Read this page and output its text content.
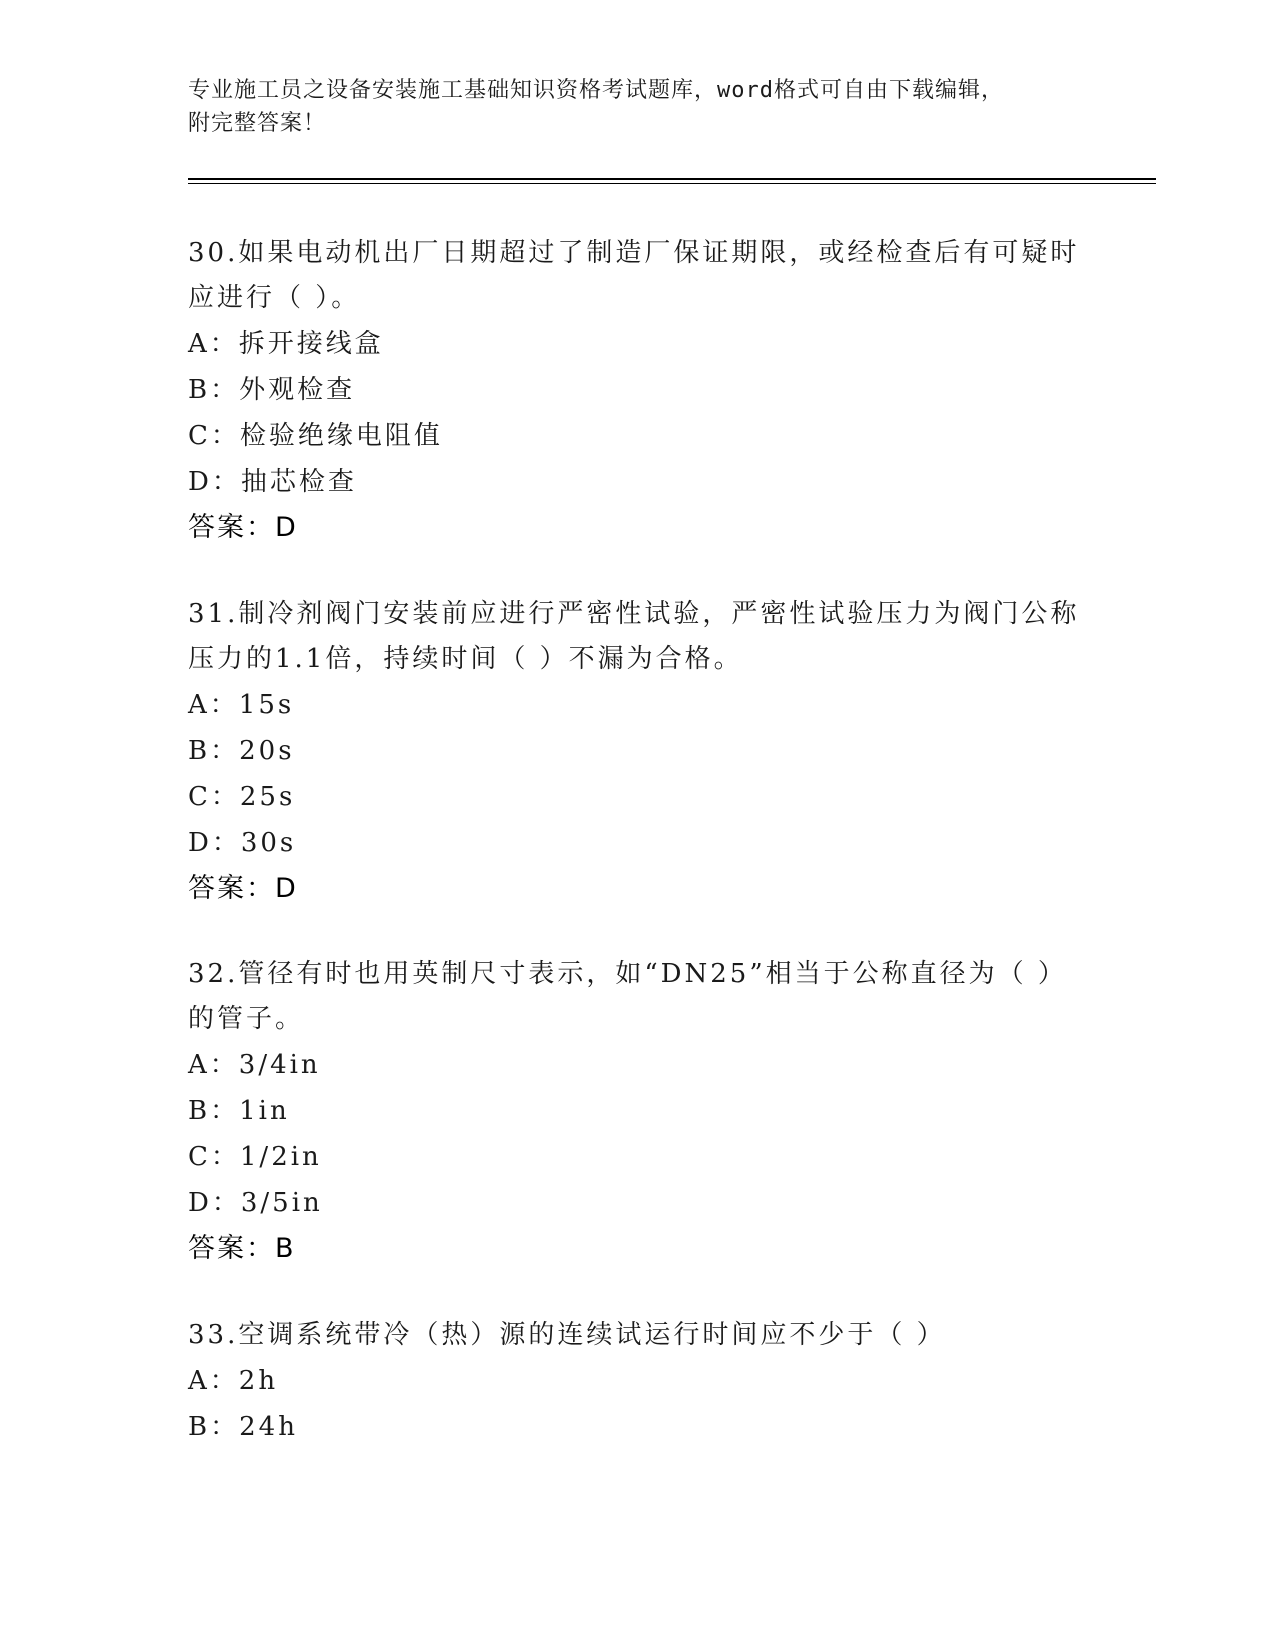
专业施工员之设备安装施工基础知识资格考试题库，word格式可自由下载编辑，
附完整答案！
30.如果电动机出厂日期超过了制造厂保证期限，或经检查后有可疑时
应进行（ ）。
A：拆开接线盒
B：外观检查
C：检验绝缘电阻值
D：抽芯检查
答案：D
31.制冷剂阀门安装前应进行严密性试验，严密性试验压力为阀门公称
压力的1.1倍，持续时间（ ）不漏为合格。
A：15s
B：20s
C：25s
D：30s
答案：D
32.管径有时也用英制尺寸表示，如“DN25”相当于公称直径为（ ）
的管子。
A：3/4in
B：1in
C：1/2in
D：3/5in
答案：B
33.空调系统带冷（热）源的连续试运行时间应不少于（ ）
A：2h
B：24h
